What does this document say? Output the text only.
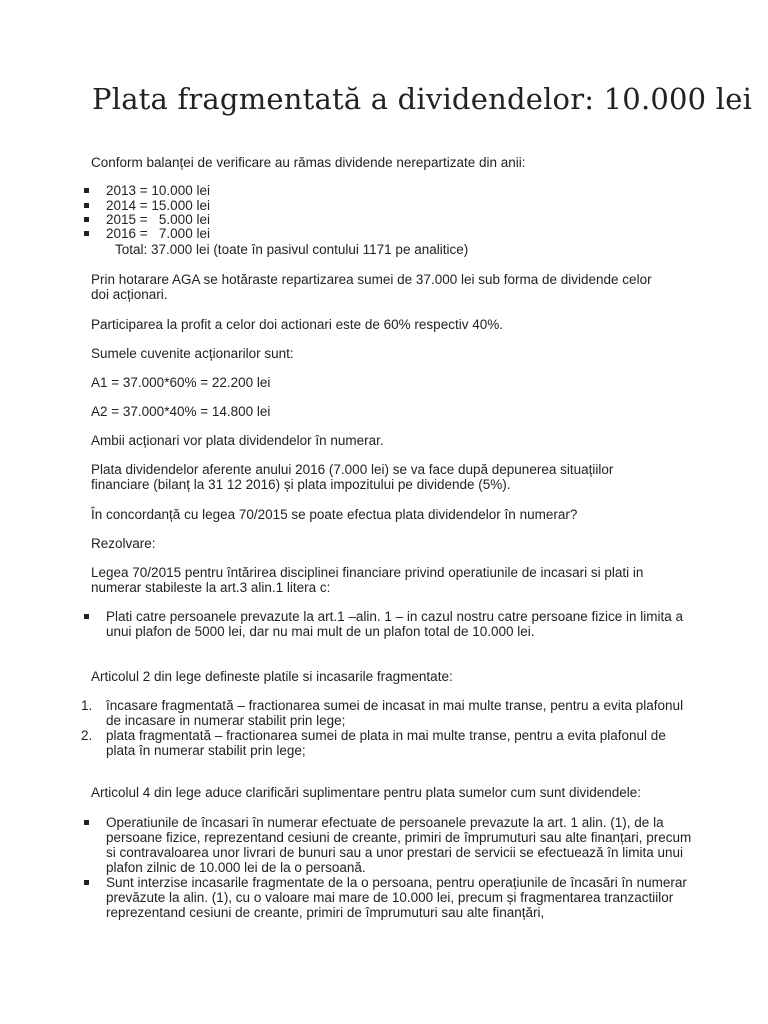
Plata fragmentată a dividendelor: 10.000 lei

Conform balanței de verificare au rămas dividende nerepartizate din anii:

2013 = 10.000 lei
2014 = 15.000 lei
2015 =   5.000 lei
2016 =   7.000 lei
Total: 37.000 lei (toate în pasivul contului 1171 pe analitice)

Prin hotarare AGA se hotăraste repartizarea sumei de 37.000 lei sub forma de dividende celor doi acționari.

Participarea la profit a celor doi actionari este de 60% respectiv 40%.

Sumele cuvenite acționarilor sunt:

A1 = 37.000*60% = 22.200 lei

A2 = 37.000*40% = 14.800 lei

Ambii acționari vor plata dividendelor în numerar.

Plata dividendelor aferente anului 2016 (7.000 lei) se va face după depunerea situațiilor financiare (bilanț la 31 12 2016) și plata impozitului pe dividende (5%).

În concordanță cu legea 70/2015 se poate efectua plata dividendelor în numerar?

Rezolvare:

Legea 70/2015 pentru întărirea disciplinei financiare privind operatiunile de incasari si plati in numerar stabileste la art.3 alin.1 litera c:

Plati catre persoanele prevazute la art.1 –alin. 1 – in cazul nostru catre persoane fizice in limita a unui plafon de 5000 lei, dar nu mai mult de un plafon total de 10.000 lei.

Articolul 2 din lege defineste platile si incasarile fragmentate:

1. încasare fragmentată – fractionarea sumei de incasat in mai multe transe, pentru a evita plafonul de incasare in numerar stabilit prin lege;
2. plata fragmentată – fractionarea sumei de plata in mai multe transe, pentru a evita plafonul de plata în numerar stabilit prin lege;

Articolul 4 din lege aduce clarificări suplimentare pentru plata sumelor cum sunt dividendele:

Operatiunile de încasari în numerar efectuate de persoanele prevazute la art. 1 alin. (1), de la persoane fizice, reprezentand cesiuni de creante, primiri de împrumuturi sau alte finanțari, precum si contravaloarea unor livrari de bunuri sau a unor prestari de servicii se efectuează în limita unui plafon zilnic de 10.000 lei de la o persoană.
Sunt interzise incasarile fragmentate de la o persoana, pentru operațiunile de încasări în numerar prevăzute la alin. (1), cu o valoare mai mare de 10.000 lei, precum și fragmentarea tranzactiilor reprezentand cesiuni de creante, primiri de împrumuturi sau alte finanțări,
